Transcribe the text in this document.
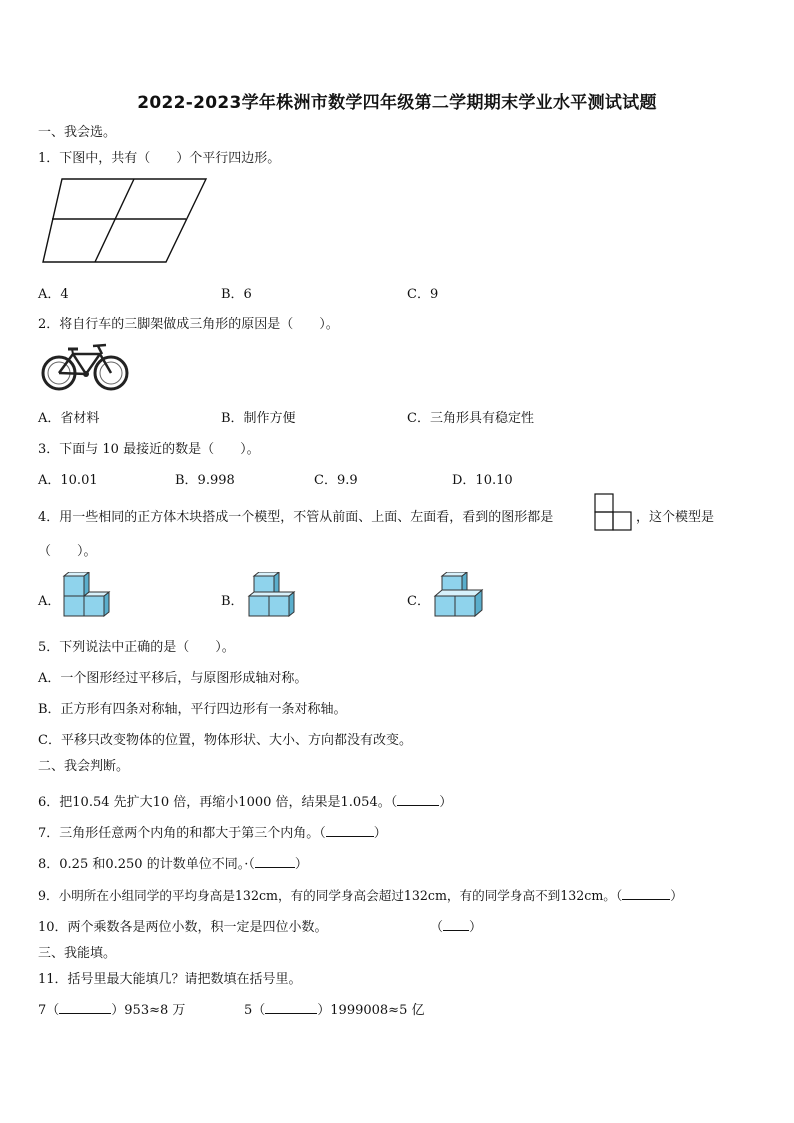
2022-2023学年株洲市数学四年级第二学期期末学业水平测试试题
一、我会选。
1．下图中，共有（　　）个平行四边形。
A．4	B．6	C．9
2．将自行车的三脚架做成三角形的原因是（　　）。
A．省材料	B．制作方便	C．三角形具有稳定性
3．下面与 10 最接近的数是（　　）。
A．10.01	B．9.998	C．9.9	D．10.10
4．用一些相同的正方体木块搭成一个模型，不管从前面、上面、左面看，看到的图形都是	，这个模型是
（　　）。
A．	B．	C．
5．下列说法中正确的是（　　）。
A．一个图形经过平移后，与原图形成轴对称。
B．正方形有四条对称轴，平行四边形有一条对称轴。
C．平移只改变物体的位置，物体形状、大小、方向都没有改变。
二、我会判断。
6．把10.54 先扩大10 倍，再缩小1000 倍，结果是1.054。（	）
7．三角形任意两个内角的和都大于第三个内角。（	）
8．0.25 和0.250 的计数单位不同。·（	）
9．小明所在小组同学的平均身高是132cm，有的同学身高会超过132cm，有的同学身高不到132cm。（	）
10．两个乘数各是两位小数，积一定是四位小数。	（ ）
三、我能填。
11．括号里最大能填几？请把数填在括号里。
7（	）953≈8 万	5（	）1999008≈5 亿
